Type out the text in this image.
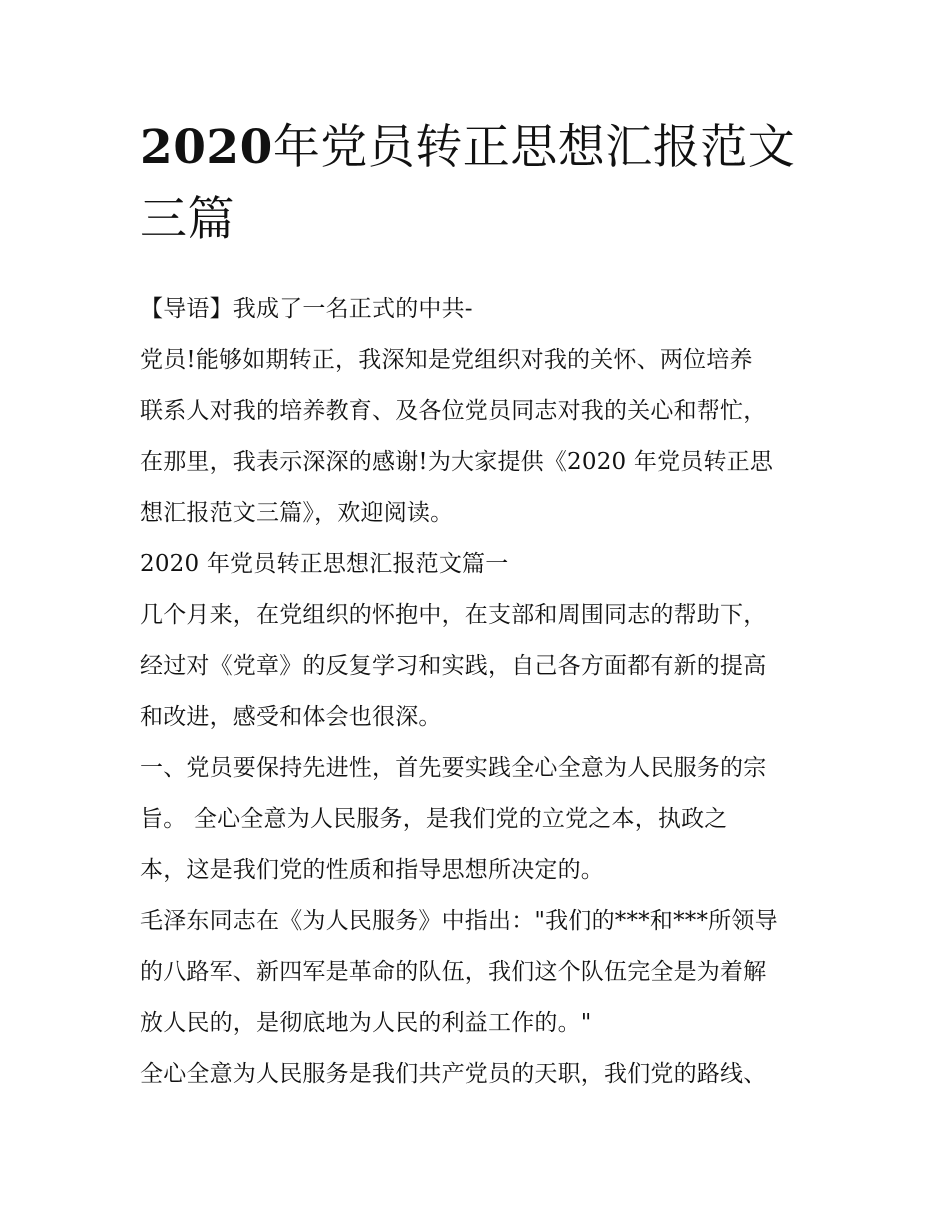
2020年党员转正思想汇报范文
三篇
【导语】我成了一名正式的中共-
党员!能够如期转正，我深知是党组织对我的关怀、两位培养
联系人对我的培养教育、及各位党员同志对我的关心和帮忙，
在那里，我表示深深的感谢!为大家提供《2020 年党员转正思
想汇报范文三篇》，欢迎阅读。
2020 年党员转正思想汇报范文篇一
几个月来，在党组织的怀抱中，在支部和周围同志的帮助下，
经过对《党章》的反复学习和实践，自己各方面都有新的提高
和改进，感受和体会也很深。
一、党员要保持先进性，首先要实践全心全意为人民服务的宗
旨。 全心全意为人民服务，是我们党的立党之本，执政之
本，这是我们党的性质和指导思想所决定的。
毛泽东同志在《为人民服务》中指出："我们的***和***所领导
的八路军、新四军是革命的队伍，我们这个队伍完全是为着解
放人民的，是彻底地为人民的利益工作的。"
全心全意为人民服务是我们共产党员的天职，我们党的路线、
